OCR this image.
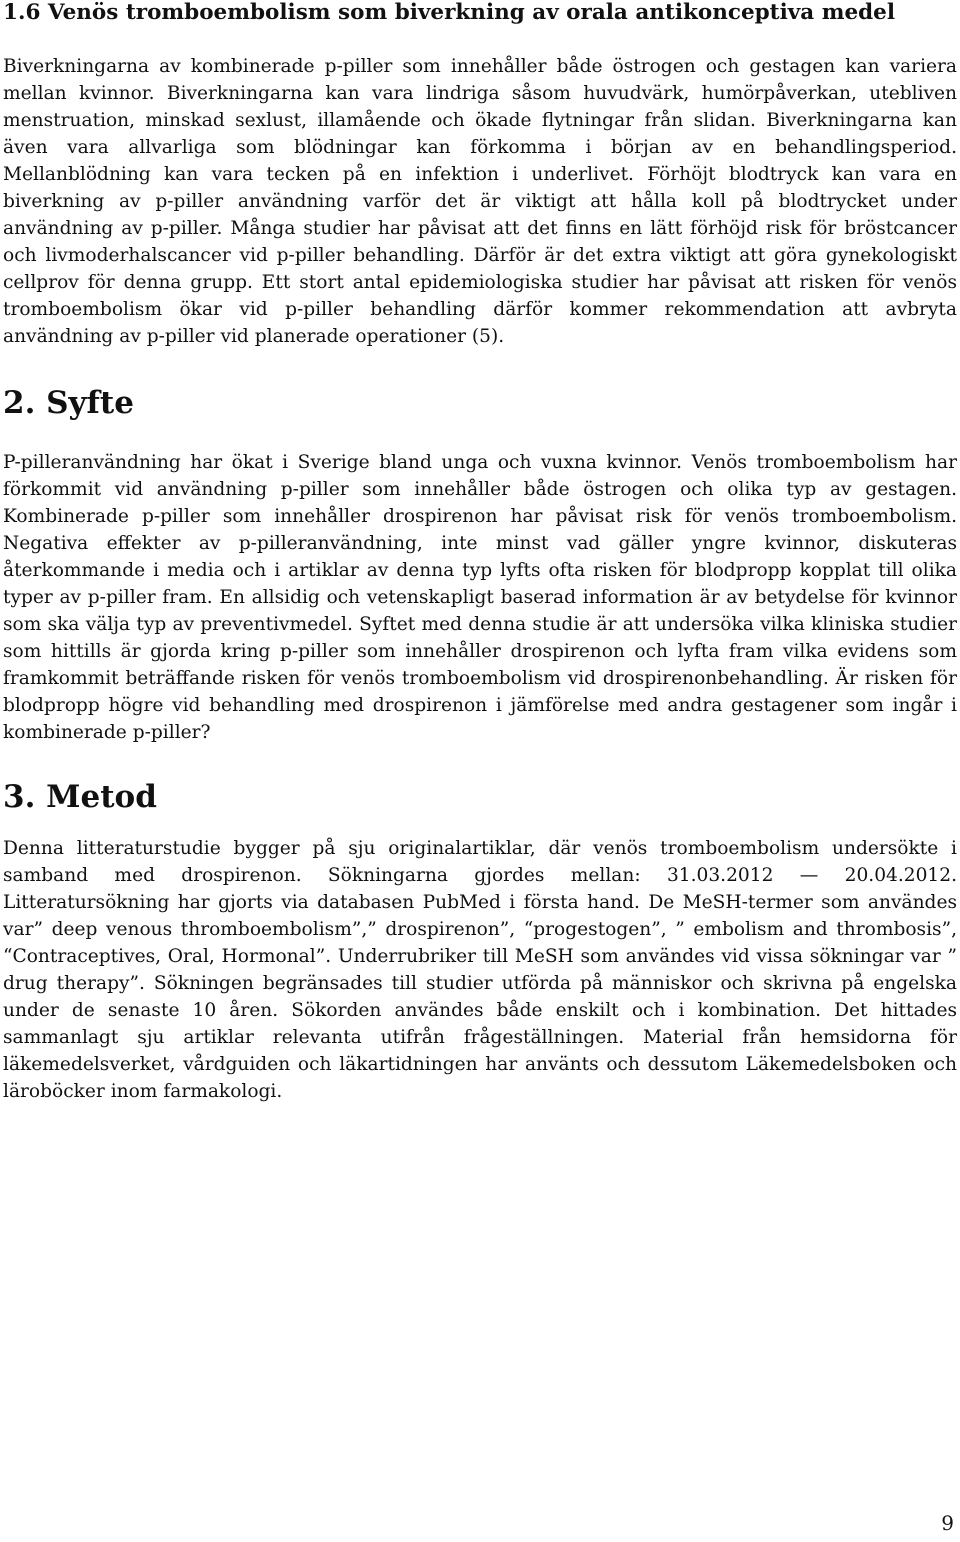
1.6 Venös tromboembolism som biverkning av orala antikonceptiva medel

Biverkningarna av kombinerade p-piller som innehåller både östrogen och gestagen kan variera mellan kvinnor. Biverkningarna kan vara lindriga såsom huvudvärk, humörpåverkan, utebliven menstruation, minskad sexlust, illamående och ökade flytningar från slidan. Biverkningarna kan även vara allvarliga som blödningar kan förkomma i början av en behandlingsperiod. Mellanblödning kan vara tecken på en infektion i underlivet. Förhöjt blodtryck kan vara en biverkning av p-piller användning varför det är viktigt att hålla koll på blodtrycket under användning av p-piller. Många studier har påvisat att det finns en lätt förhöjd risk för bröstcancer och livmoderhalscancer vid p-piller behandling. Därför är det extra viktigt att göra gynekologiskt cellprov för denna grupp. Ett stort antal epidemiologiska studier har påvisat att risken för venös tromboembolism ökar vid p-piller behandling därför kommer rekommendation att avbryta användning av p-piller vid planerade operationer (5).

2. Syfte

P-pilleranvändning har ökat i Sverige bland unga och vuxna kvinnor. Venös tromboembolism har förkommit vid användning p-piller som innehåller både östrogen och olika typ av gestagen. Kombinerade p-piller som innehåller drospirenon har påvisat risk för venös tromboembolism. Negativa effekter av p-pilleranvändning, inte minst vad gäller yngre kvinnor, diskuteras återkommande i media och i artiklar av denna typ lyfts ofta risken för blodpropp kopplat till olika typer av p-piller fram. En allsidig och vetenskapligt baserad information är av betydelse för kvinnor som ska välja typ av preventivmedel. Syftet med denna studie är att undersöka vilka kliniska studier som hittills är gjorda kring p-piller som innehåller drospirenon och lyfta fram vilka evidens som framkommit beträffande risken för venös tromboembolism vid drospirenonbehandling. Är risken för blodpropp högre vid behandling med drospirenon i jämförelse med andra gestagener som ingår i kombinerade p-piller?

3. Metod

Denna litteraturstudie bygger på sju originalartiklar, där venös tromboembolism undersökte i samband med drospirenon. Sökningarna gjordes mellan: 31.03.2012 — 20.04.2012. Litteratursökning har gjorts via databasen PubMed i första hand. De MeSH-termer som användes var” deep venous thromboembolism”,” drospirenon”, “progestogen”, ” embolism and thrombosis”, “Contraceptives, Oral, Hormonal”. Underrubriker till MeSH som användes vid vissa sökningar var ” drug therapy”. Sökningen begränsades till studier utförda på människor och skrivna på engelska under de senaste 10 åren. Sökorden användes både enskilt och i kombination. Det hittades sammanlagt sju artiklar relevanta utifrån frågeställningen. Material från hemsidorna för läkemedelsverket, vårdguiden och läkartidningen har använts och dessutom Läkemedelsboken och läroböcker inom farmakologi.

9
